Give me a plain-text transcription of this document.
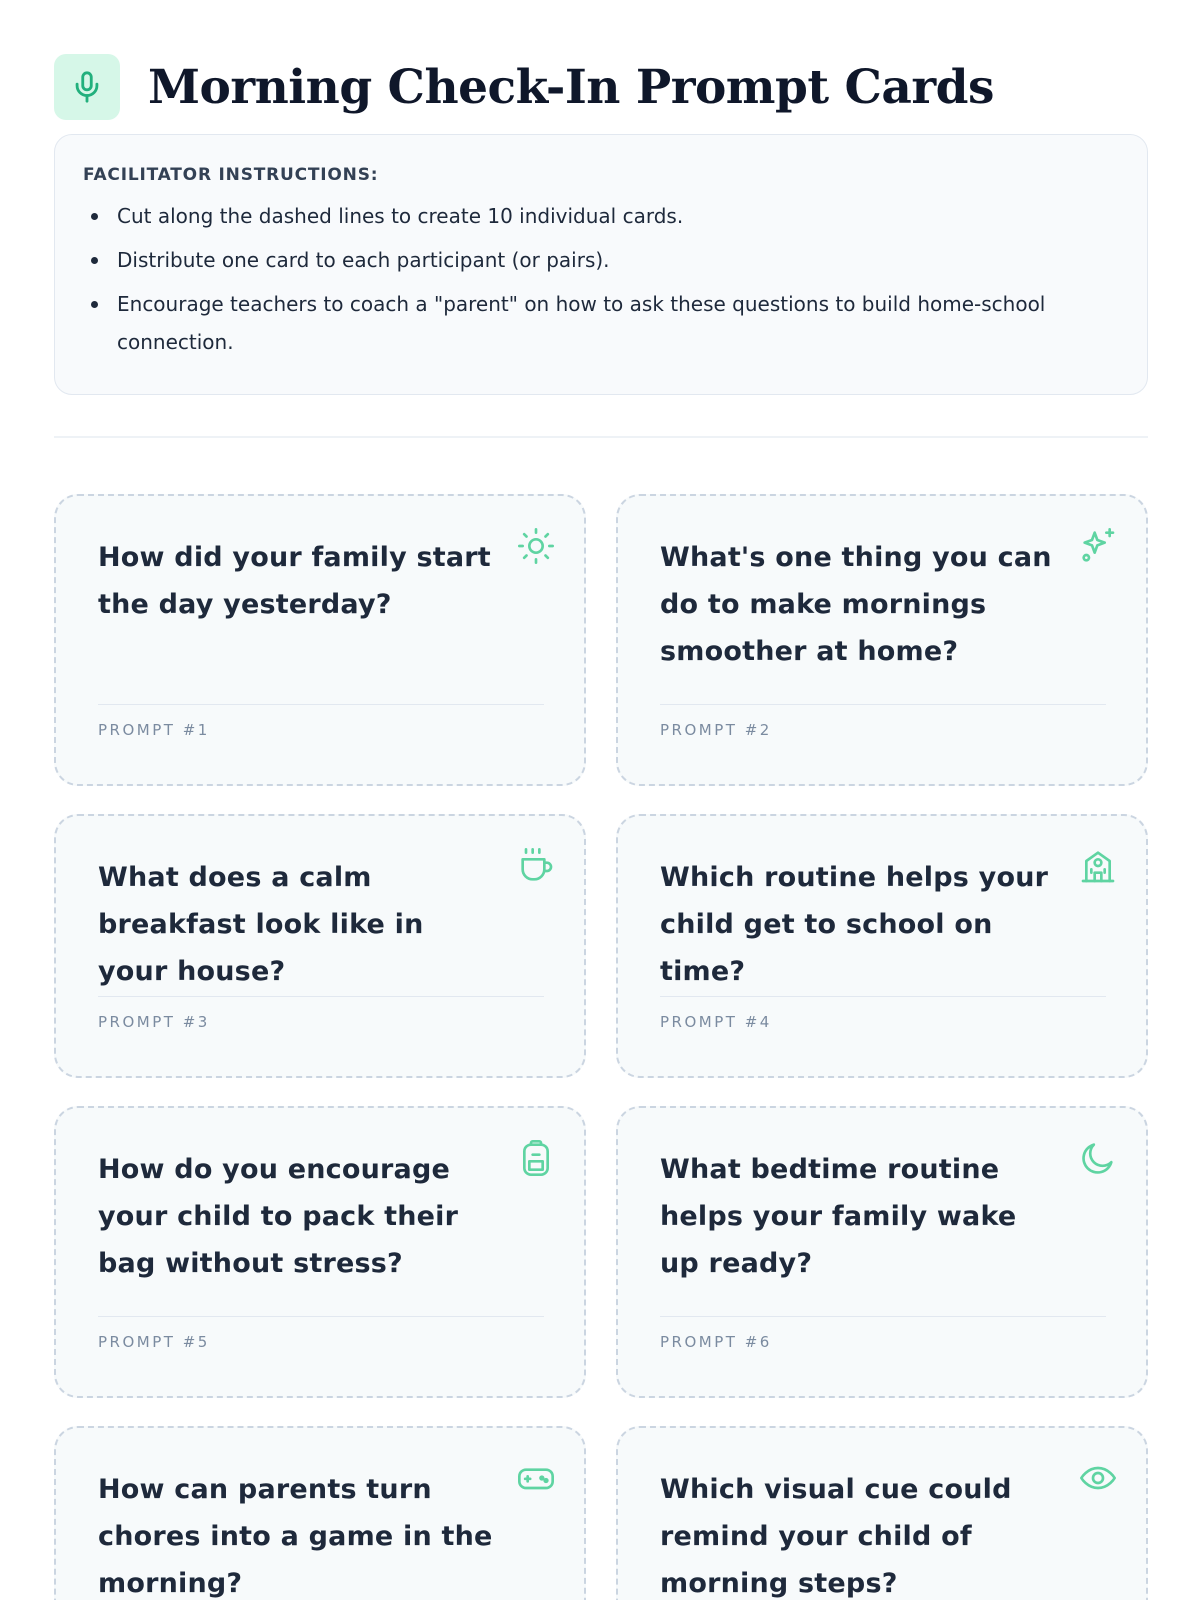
Morning Check-In Prompt Cards
FACILITATOR INSTRUCTIONS:
Cut along the dashed lines to create 10 individual cards.
Distribute one card to each participant (or pairs).
Encourage teachers to coach a "parent" on how to ask these questions to build home-school connection.
How did your family start the day yesterday?
PROMPT #1
What's one thing you can do to make mornings smoother at home?
PROMPT #2
What does a calm breakfast look like in your house?
PROMPT #3
Which routine helps your child get to school on time?
PROMPT #4
How do you encourage your child to pack their bag without stress?
PROMPT #5
What bedtime routine helps your family wake up ready?
PROMPT #6
How can parents turn chores into a game in the morning?
Which visual cue could remind your child of morning steps?
